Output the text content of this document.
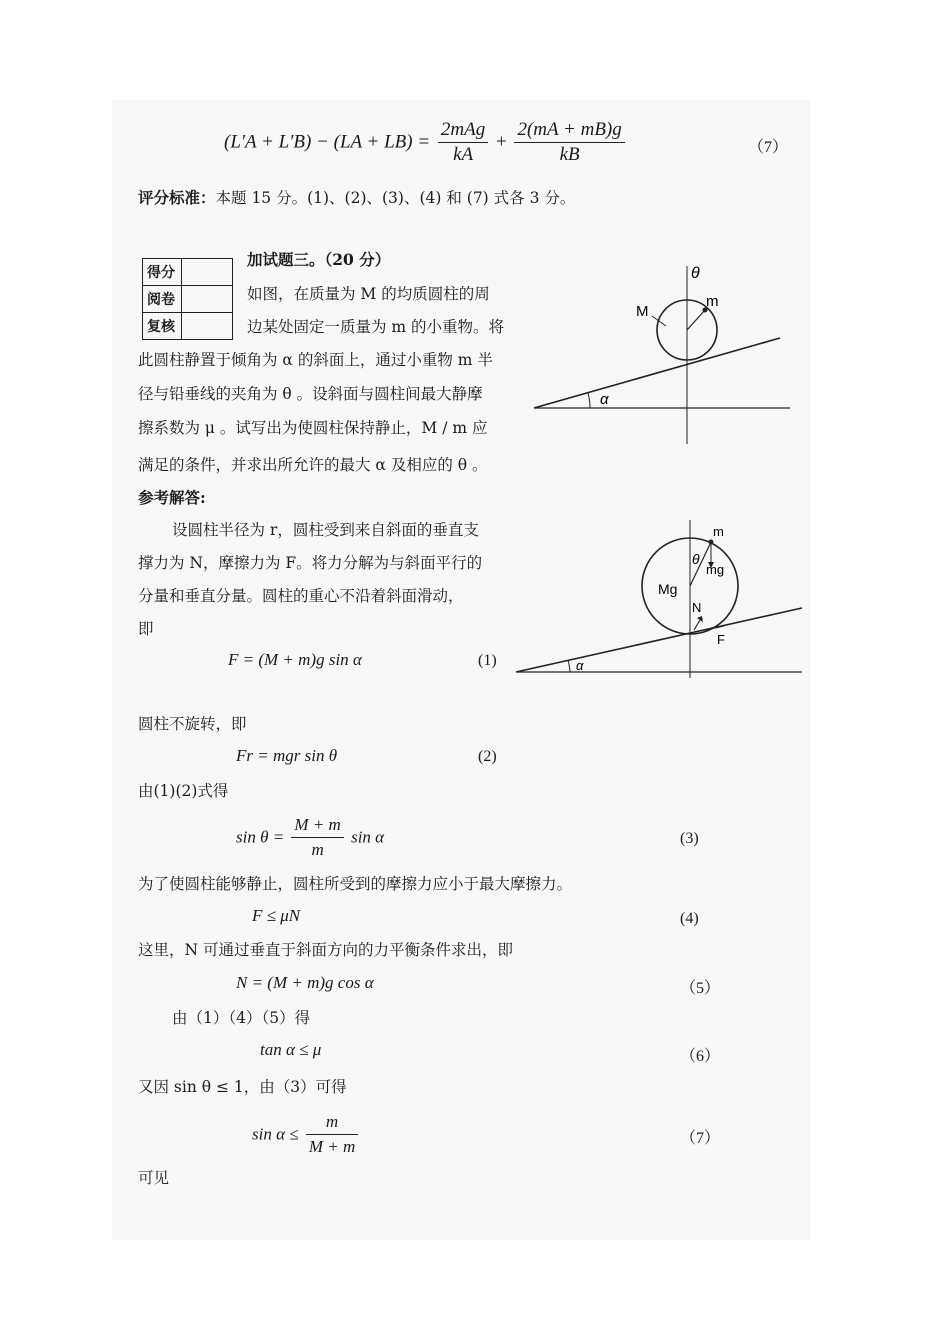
$(L'A + L'B) - (LA + LB) = \frac{\text{2mAg}}{kA} + \frac{2(mA + mB)g}{kB}$	（7）
评分标准：本题 15 分。(1)、(2)、(3)、(4) 和 (7) 式各 3 分。
得分	
阅卷	
复核	
加试题三。（20 分）
如图，在质量为 M 的均质圆柱的周
边某处固定一质量为 m 的小重物。将
此圆柱静置于倾角为 α 的斜面上，通过小重物 m 半
径与铅垂线的夹角为 θ 。设斜面与圆柱间最大静摩
擦系数为 μ 。试写出为使圆柱保持静止，M / m 应
满足的条件，并求出所允许的最大 α 及相应的 θ 。
θ
M
m
α
参考解答:
设圆柱半径为 r，圆柱受到来自斜面的垂直支
撑力为 N，摩擦力为 F。将力分解为与斜面平行的
分量和垂直分量。圆柱的重心不沿着斜面滑动，
即
m
θ
mg
Mg
N
F
α
F = (M + m)g sin α	(1)
圆柱不旋转，即
Fr = mgr sin θ	(2)
由(1)(2)式得
$\sin \theta = \frac{M + m}{m}$ sin α	(3)
为了使圆柱能够静止，圆柱所受到的摩擦力应小于最大摩擦力。
F ≤ μN	(4)
这里，N 可通过垂直于斜面方向的力平衡条件求出，即
N = (M + m)g cos α	（5）
由（1）（4）（5）得
tan α ≤ μ	（6）
又因 sin θ ≤ 1，由（3）可得
$\sin \alpha \le \frac{m}{M + m}$	（7）
可见
